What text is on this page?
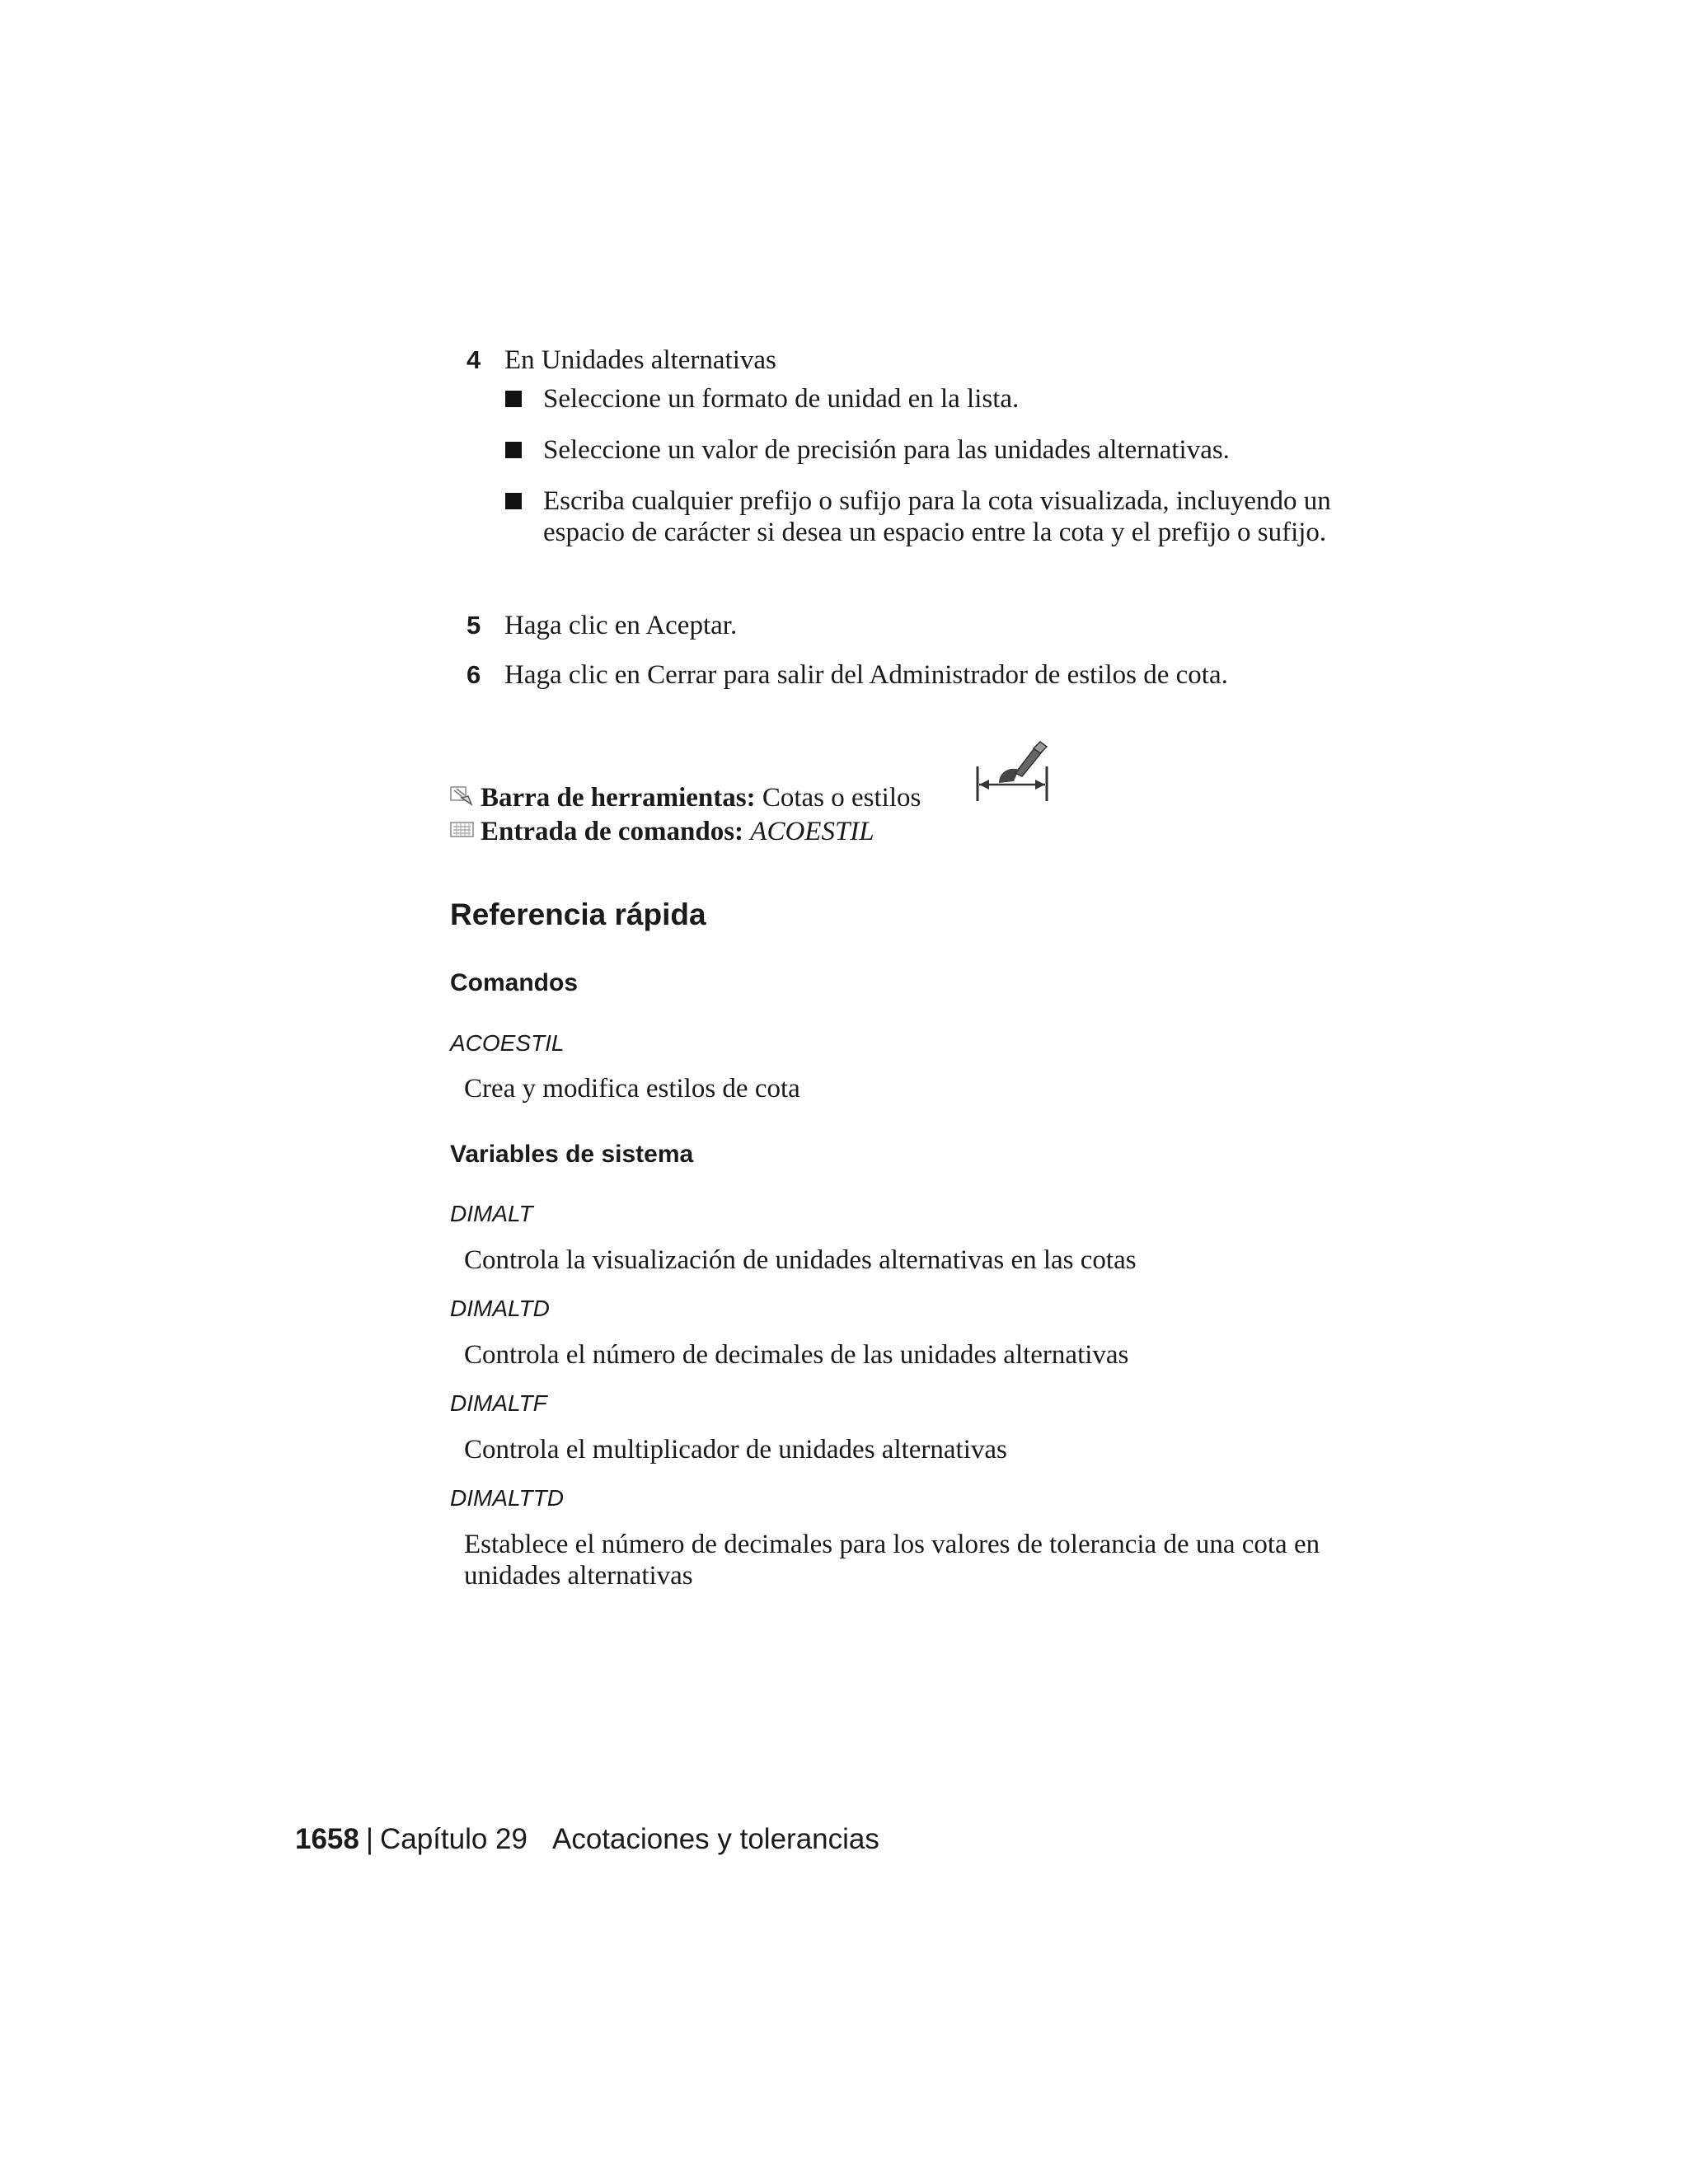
4 En Unidades alternativas
Seleccione un formato de unidad en la lista.
Seleccione un valor de precisión para las unidades alternativas.
Escriba cualquier prefijo o sufijo para la cota visualizada, incluyendo un espacio de carácter si desea un espacio entre la cota y el prefijo o sufijo.
5 Haga clic en Aceptar.
6 Haga clic en Cerrar para salir del Administrador de estilos de cota.
Barra de herramientas: Cotas o estilos
Entrada de comandos: ACOESTIL
Referencia rápida
Comandos
ACOESTIL
Crea y modifica estilos de cota
Variables de sistema
DIMALT
Controla la visualización de unidades alternativas en las cotas
DIMALTD
Controla el número de decimales de las unidades alternativas
DIMALTF
Controla el multiplicador de unidades alternativas
DIMALTTD
Establece el número de decimales para los valores de tolerancia de una cota en unidades alternativas
1658 | Capítulo 29 Acotaciones y tolerancias
